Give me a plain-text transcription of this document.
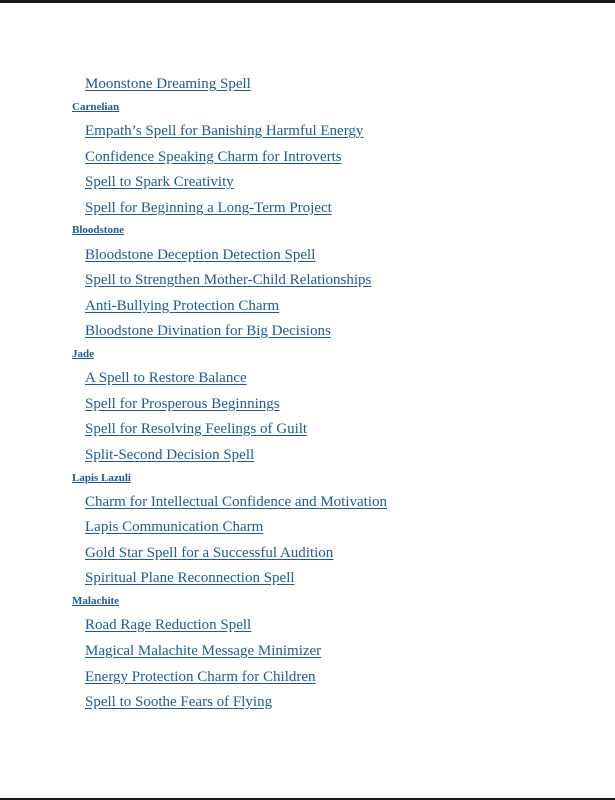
Moonstone Dreaming Spell
Carnelian
Empath’s Spell for Banishing Harmful Energy
Confidence Speaking Charm for Introverts
Spell to Spark Creativity
Spell for Beginning a Long-Term Project
Bloodstone
Bloodstone Deception Detection Spell
Spell to Strengthen Mother-Child Relationships
Anti-Bullying Protection Charm
Bloodstone Divination for Big Decisions
Jade
A Spell to Restore Balance
Spell for Prosperous Beginnings
Spell for Resolving Feelings of Guilt
Split-Second Decision Spell
Lapis Lazuli
Charm for Intellectual Confidence and Motivation
Lapis Communication Charm
Gold Star Spell for a Successful Audition
Spiritual Plane Reconnection Spell
Malachite
Road Rage Reduction Spell
Magical Malachite Message Minimizer
Energy Protection Charm for Children
Spell to Soothe Fears of Flying
